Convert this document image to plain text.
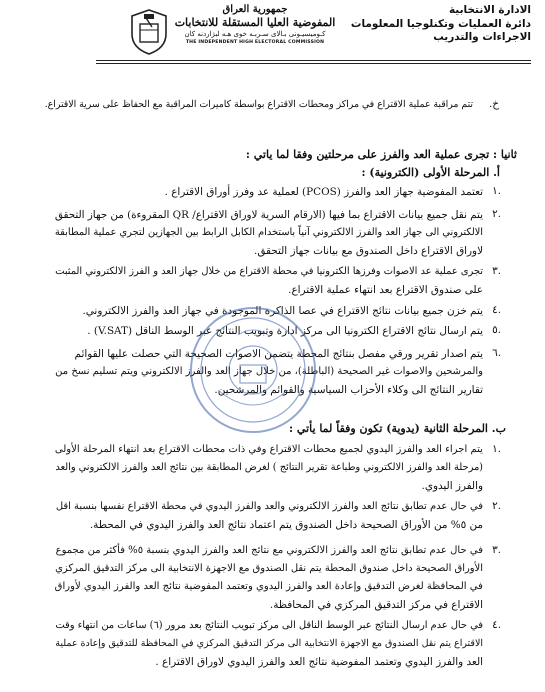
الادارة الانتخابية
دائرة العمليات وتكنلوجيا المعلومات
الاجراءات والتدريب
جمهورية العراق
المفوضية العليا المستقلة للانتخابات
كـوميسيـونى بـالاى سـربـه خوى هـه لبژاردنه كان
THE INDEPENDENT HIGH ELECTORAL COMMISSION
خ.
تتم مراقبة عملية الاقتراع في مراكز ومحطات الاقتراع بواسطة كاميرات المراقبة مع الحفاظ على سرية الاقتراع.
ثانيا : تجرى عملية العد والفرز على مرحلتين وفقا لما ياتي :
أ. المرحلة الأولى (الكترونية) :
.١
تعتمد المفوضية جهاز العد والفرز (PCOS) لعملية عد وفرز أوراق الاقتراع .
.٢
يتم نقل جميع بيانات الاقتراع بما فيها (الارقام السرية لاوراق الاقتراع/ QR المقروءة) من جهاز التحقق
الالكتروني الى جهاز العد والفرز الالكتروني آنياً باستخدام الكابل الرابط بين الجهازين لتجري عملية المطابقة
لاوراق الاقتراع داخل الصندوق مع بيانات جهاز التحقق.
.٣
تجرى عملية عد الاصوات وفرزها الكترونيا في محطة الاقتراع من خلال جهاز العد و الفرز الالكتروني المثبت
على صندوق الاقتراع بعد انتهاء عملية الاقتراع.
.٤
يتم خزن جميع بيانات نتائج الاقتراع في عصا الذاكرة الموجودة في جهاز العد والفرز الالكتروني.
.٥
يتم ارسال نتائج الاقتراع الكترونيا الى مركز ادارة وتبويب النتائج عبر الوسط الناقل (V.SAT) .
.٦
يتم اصدار تقرير ورقي مفصل بنتائج المحطة يتضمن الاصوات الصحيحة التي حصلت عليها القوائم
والمرشحين والاصوات غير الصحيحة (الباطلة)، من خلال جهاز العد والفرز الالكتروني ويتم تسليم نسخ من
تقارير النتائج الى وكلاء الأحزاب السياسية والقوائم والمرشحين.
ب. المرحلة الثانية (يدوية) تكون وفقاً لما يأتي :
.١
يتم اجراء العد والفرز اليدوي لجميع محطات الاقتراع وفي ذات محطات الاقتراع بعد انتهاء المرحلة الأولى
(مرحلة العد والفرز الالكتروني وطباعة تقرير النتائج ) لغرض المطابقة بين نتائج العد والفرز الالكتروني والعد
والفرز اليدوي.
.٢
في حال عدم تطابق نتائج العد والفرز الالكتروني والعد والفرز اليدوي في محطة الاقتراع نفسها بنسبة اقل
من ٥% من الأوراق الصحيحة داخل الصندوق يتم اعتماد نتائج العد والفرز اليدوي في المحطة.
.٣
في حال عدم تطابق نتائج العد والفرز الالكتروني مع نتائج العد والفرز اليدوي بنسبة ٥% فأكثر من مجموع
الأوراق الصحيحة داخل صندوق المحطة يتم نقل الصندوق مع الاجهزة الانتخابية الى مركز التدقيق المركزي
في المحافظة لغرض التدقيق وإعادة العد والفرز اليدوي وتعتمد المفوضية نتائج العد والفرز اليدوي لأوراق
الاقتراع في مركز التدقيق المركزي في المحافظة.
.٤
في حال عدم ارسال النتائج عبر الوسط الناقل الى مركز تبويب النتائج بعد مرور (٦) ساعات من انتهاء وقت
الاقتراع يتم نقل الصندوق مع الاجهزة الانتخابية الى مركز التدقيق المركزي في المحافظة للتدقيق وإعادة عملية
العد والفرز اليدوي وتعتمد المفوضية نتائج العد والفرز اليدوي لاوراق الاقتراع .
